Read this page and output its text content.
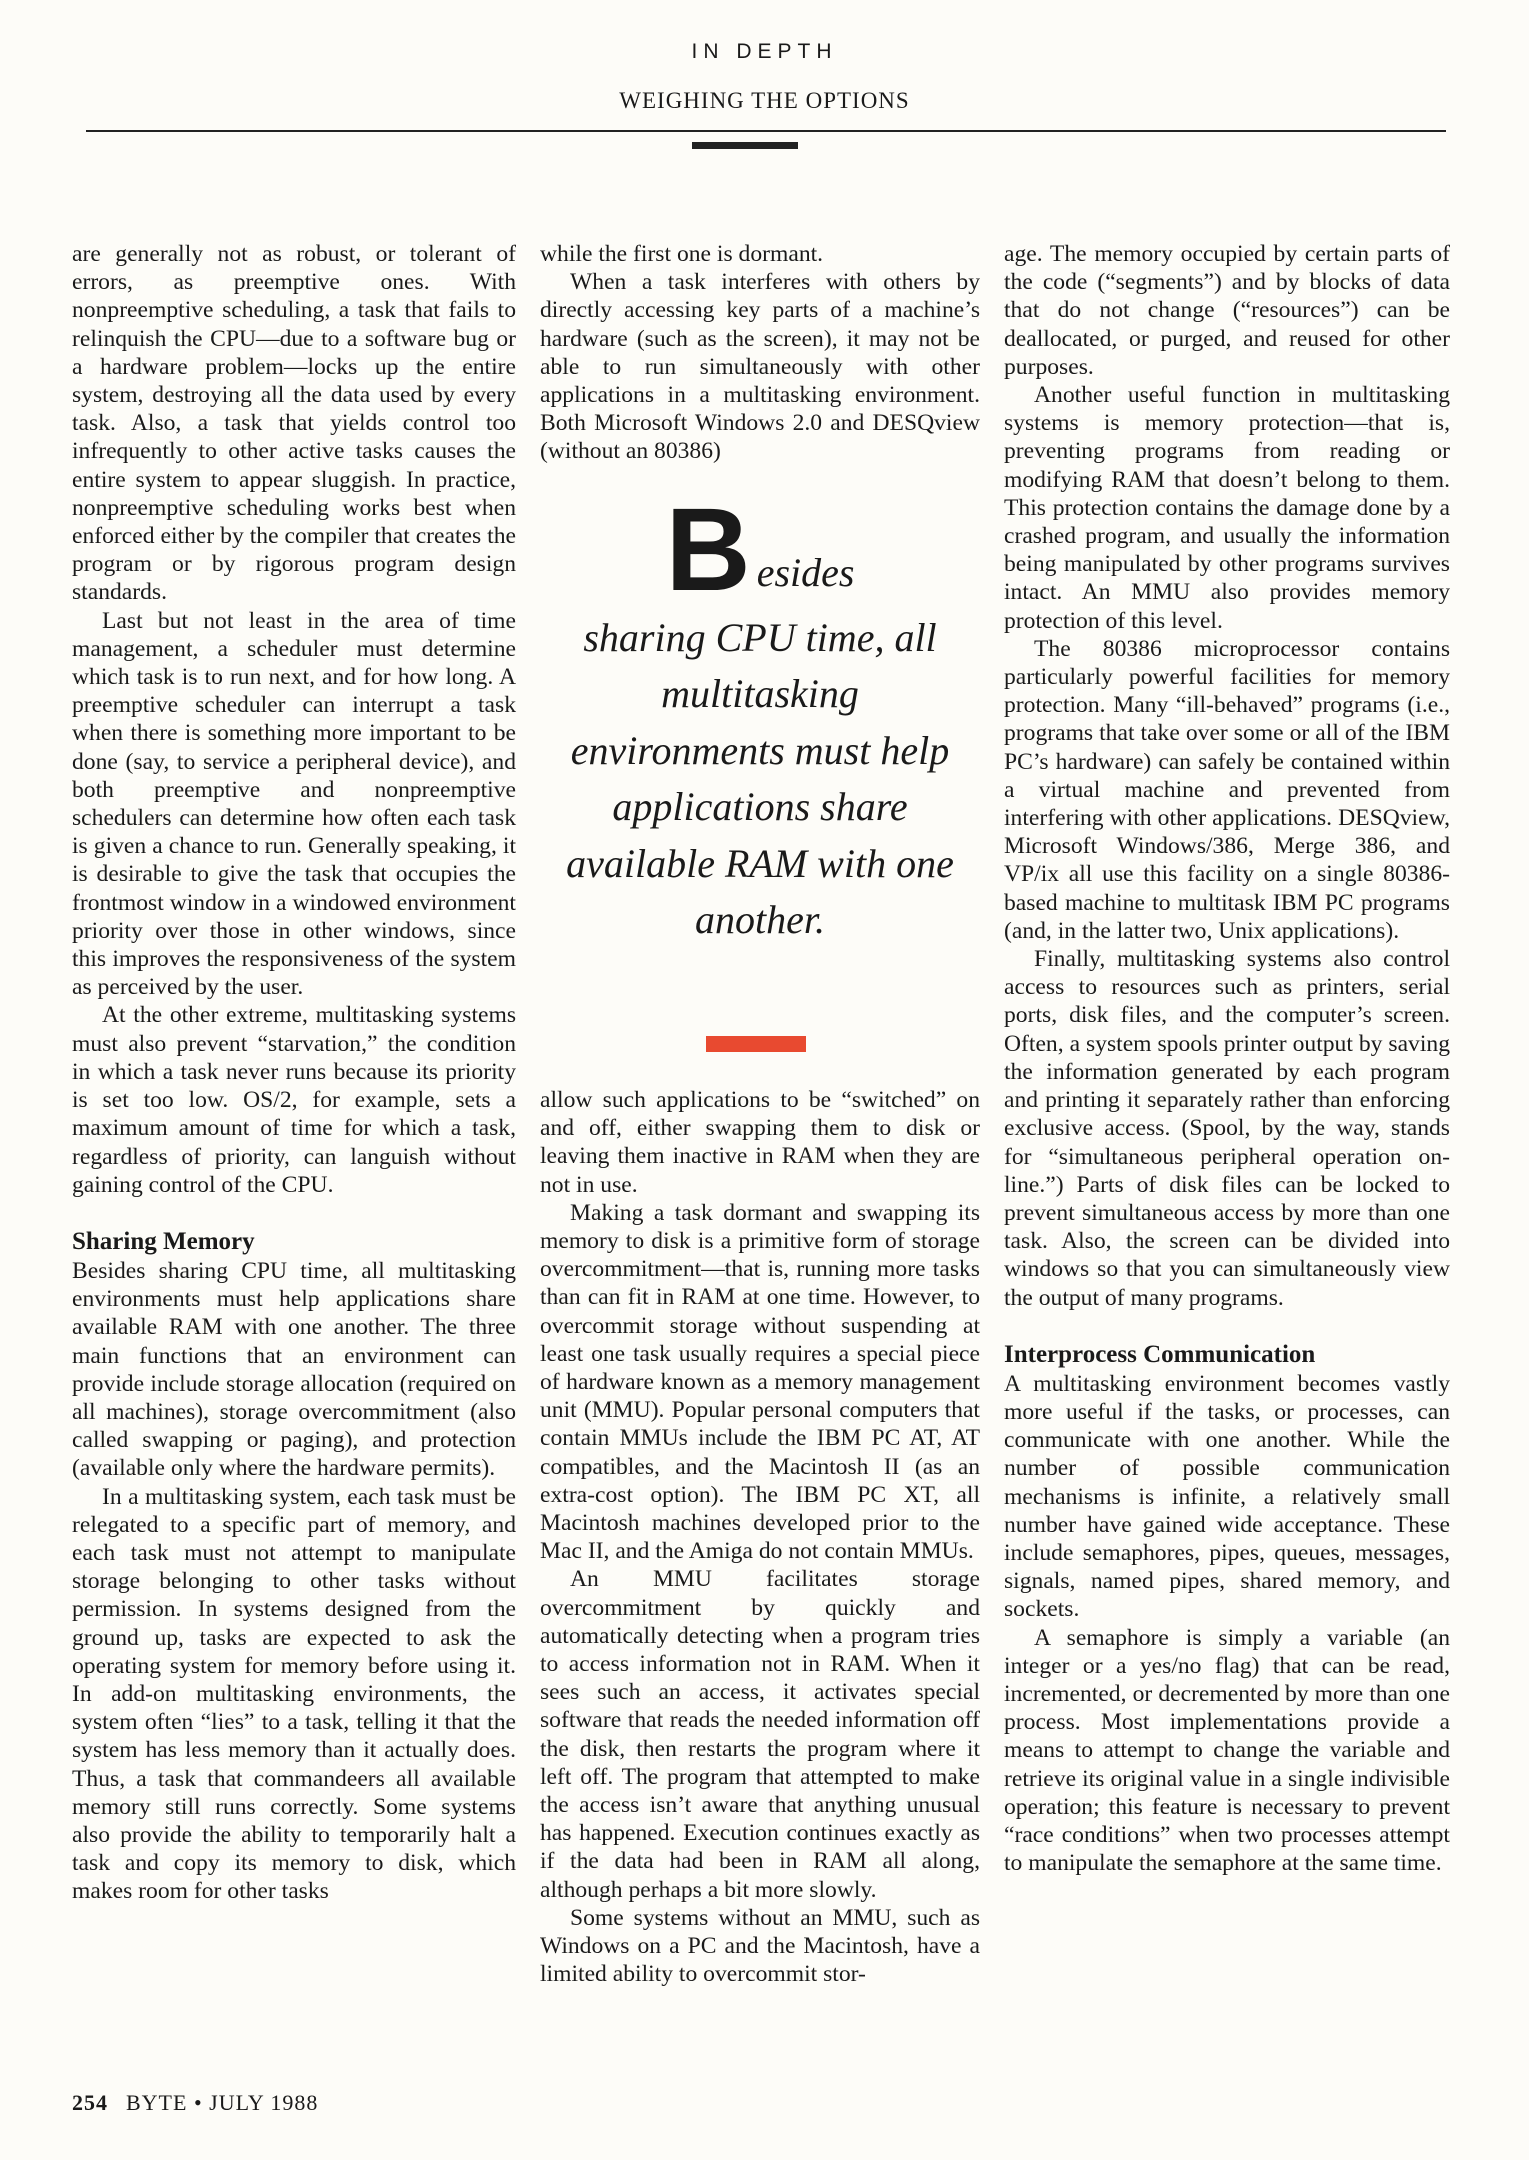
IN DEPTH
WEIGHING THE OPTIONS

are generally not as robust, or tolerant of errors, as preemptive ones. With nonpreemptive scheduling, a task that fails to relinquish the CPU—due to a software bug or a hardware problem—locks up the entire system, destroying all the data used by every task. Also, a task that yields control too infrequently to other active tasks causes the entire system to appear sluggish. In practice, nonpreemptive scheduling works best when enforced either by the compiler that creates the program or by rigorous program design standards.

Last but not least in the area of time management, a scheduler must determine which task is to run next, and for how long. A preemptive scheduler can interrupt a task when there is something more important to be done (say, to service a peripheral device), and both preemptive and nonpreemptive schedulers can determine how often each task is given a chance to run. Generally speaking, it is desirable to give the task that occupies the frontmost window in a windowed environment priority over those in other windows, since this improves the responsiveness of the system as perceived by the user.

At the other extreme, multitasking systems must also prevent “starvation,” the condition in which a task never runs because its priority is set too low. OS/2, for example, sets a maximum amount of time for which a task, regardless of priority, can languish without gaining control of the CPU.

Sharing Memory

Besides sharing CPU time, all multitasking environments must help applications share available RAM with one another. The three main functions that an environment can provide include storage allocation (required on all machines), storage overcommitment (also called swapping or paging), and protection (available only where the hardware permits).

In a multitasking system, each task must be relegated to a specific part of memory, and each task must not attempt to manipulate storage belonging to other tasks without permission. In systems designed from the ground up, tasks are expected to ask the operating system for memory before using it. In add-on multitasking environments, the system often “lies” to a task, telling it that the system has less memory than it actually does. Thus, a task that commandeers all available memory still runs correctly. Some systems also provide the ability to temporarily halt a task and copy its memory to disk, which makes room for other tasks

while the first one is dormant.

When a task interferes with others by directly accessing key parts of a machine’s hardware (such as the screen), it may not be able to run simultaneously with other applications in a multitasking environment. Both Microsoft Windows 2.0 and DESQview (without an 80386)

Besides
sharing CPU time, all multitasking environments must help applications share available RAM with one another.

allow such applications to be “switched” on and off, either swapping them to disk or leaving them inactive in RAM when they are not in use.

Making a task dormant and swapping its memory to disk is a primitive form of storage overcommitment—that is, running more tasks than can fit in RAM at one time. However, to overcommit storage without suspending at least one task usually requires a special piece of hardware known as a memory management unit (MMU). Popular personal computers that contain MMUs include the IBM PC AT, AT compatibles, and the Macintosh II (as an extra-cost option). The IBM PC XT, all Macintosh machines developed prior to the Mac II, and the Amiga do not contain MMUs.

An MMU facilitates storage overcommitment by quickly and automatically detecting when a program tries to access information not in RAM. When it sees such an access, it activates special software that reads the needed information off the disk, then restarts the program where it left off. The program that attempted to make the access isn’t aware that anything unusual has happened. Execution continues exactly as if the data had been in RAM all along, although perhaps a bit more slowly.

Some systems without an MMU, such as Windows on a PC and the Macintosh, have a limited ability to overcommit stor-

age. The memory occupied by certain parts of the code (“segments”) and by blocks of data that do not change (“resources”) can be deallocated, or purged, and reused for other purposes.

Another useful function in multitasking systems is memory protection—that is, preventing programs from reading or modifying RAM that doesn’t belong to them. This protection contains the damage done by a crashed program, and usually the information being manipulated by other programs survives intact. An MMU also provides memory protection of this level.

The 80386 microprocessor contains particularly powerful facilities for memory protection. Many “ill-behaved” programs (i.e., programs that take over some or all of the IBM PC’s hardware) can safely be contained within a virtual machine and prevented from interfering with other applications. DESQview, Microsoft Windows/386, Merge 386, and VP/ix all use this facility on a single 80386-based machine to multitask IBM PC programs (and, in the latter two, Unix applications).

Finally, multitasking systems also control access to resources such as printers, serial ports, disk files, and the computer’s screen. Often, a system spools printer output by saving the information generated by each program and printing it separately rather than enforcing exclusive access. (Spool, by the way, stands for “simultaneous peripheral operation on-line.”) Parts of disk files can be locked to prevent simultaneous access by more than one task. Also, the screen can be divided into windows so that you can simultaneously view the output of many programs.

Interprocess Communication

A multitasking environment becomes vastly more useful if the tasks, or processes, can communicate with one another. While the number of possible communication mechanisms is infinite, a relatively small number have gained wide acceptance. These include semaphores, pipes, queues, messages, signals, named pipes, shared memory, and sockets.

A semaphore is simply a variable (an integer or a yes/no flag) that can be read, incremented, or decremented by more than one process. Most implementations provide a means to attempt to change the variable and retrieve its original value in a single indivisible operation; this feature is necessary to prevent “race conditions” when two processes attempt to manipulate the semaphore at the same time.

254 BYTE • JULY 1988
